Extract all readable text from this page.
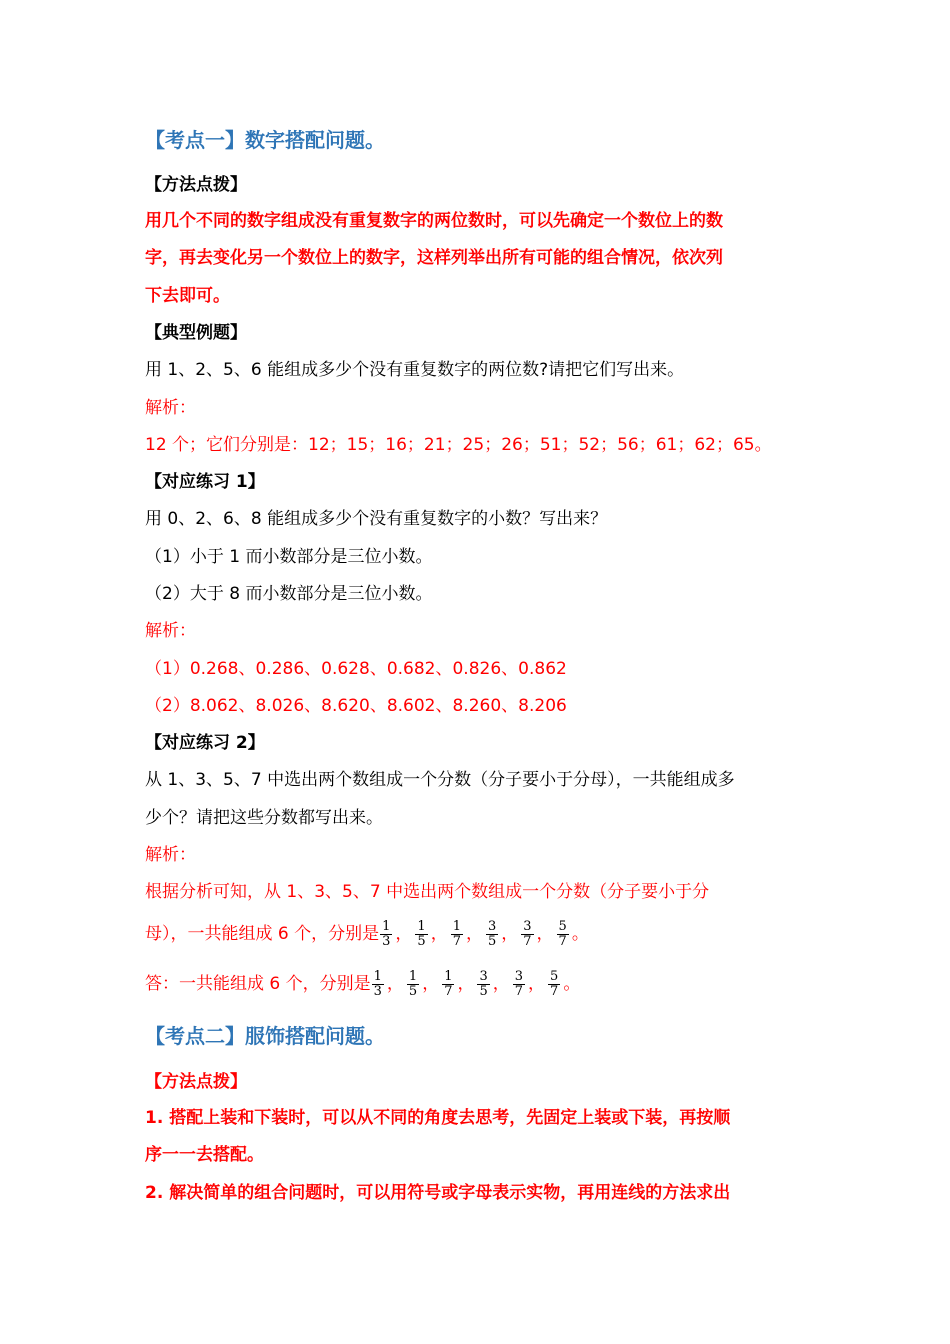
【考点一】数字搭配问题。
【方法点拨】
用几个不同的数字组成没有重复数字的两位数时，可以先确定一个数位上的数
字，再去变化另一个数位上的数字，这样列举出所有可能的组合情况，依次列
下去即可。
【典型例题】
用 1、2、5、6 能组成多少个没有重复数字的两位数?请把它们写出来。
解析：
12 个；它们分别是：12；15；16；21；25；26；51；52；56；61；62；65。
【对应练习 1】
用 0、2、6、8 能组成多少个没有重复数字的小数？写出来？
（1）小于 1 而小数部分是三位小数。
（2）大于 8 而小数部分是三位小数。
解析：
（1）0.268、0.286、0.628、0.682、0.826、0.862
（2）8.062、8.026、8.620、8.602、8.260、8.206
【对应练习 2】
从 1、3、5、7 中选出两个数组成一个分数（分子要小于分母），一共能组成多
少个？请把这些分数都写出来。
解析：
根据分析可知，从 1、3、5、7 中选出两个数组成一个分数（分子要小于分
母），一共能组成 6 个，分别是 $\frac{1}{3}$ ， $\frac{1}{5}$ ， $\frac{1}{7}$ ， $\frac{3}{5}$ ， $\frac{3}{7}$ ， $\frac{5}{7}$ 。
答：一共能组成 6 个，分别是 $\frac{1}{3}$ ， $\frac{1}{5}$ ， $\frac{1}{7}$ ， $\frac{3}{5}$ ， $\frac{3}{7}$ ， $\frac{5}{7}$ 。
【考点二】服饰搭配问题。
【方法点拨】
1. 搭配上装和下装时，可以从不同的角度去思考，先固定上装或下装，再按顺
序一一去搭配。
2. 解决简单的组合问题时，可以用符号或字母表示实物，再用连线的方法求出
